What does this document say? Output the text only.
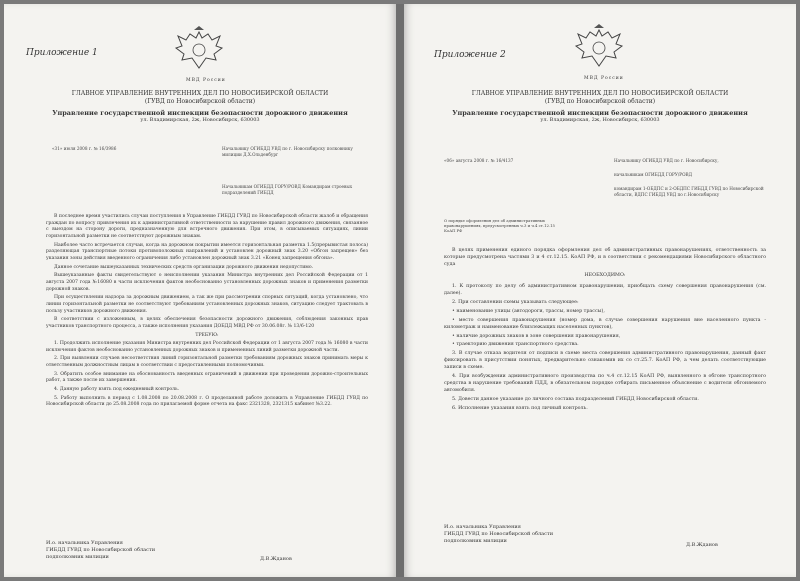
Приложение 1
МВД России
ГЛАВНОЕ УПРАВЛЕНИЕ ВНУТРЕННИХ ДЕЛ ПО НОВОСИБИРСКОЙ ОБЛАСТИ
(ГУВД по Новосибирской области)
Управление государственной инспекции безопасности дорожного движения
ул. Владимирская, 2ж, Новосибирск, 630003
«31» июля 2008 г. № 16/3986	Начальнику ОГИБДД УВД по г. Новосибирску полковнику милиции Д.Х.Ольденбург
Начальникам ОГИБДД ГОРУ/РОВД Командирам строевых подразделений ГИБДД

В последнее время участились случаи поступления в Управление ГИБДД ГУВД по Новосибирской области жалоб и обращения граждан по вопросу привлечения их к административной ответственности за нарушение правил дорожного движения, связанное с выездом на сторону дороги, предназначенную для встречного движения. При этом, в описываемых ситуациях, линии горизонтальной разметки не соответствуют дорожным знакам.

Наиболее часто встречается случаи, когда на дорожном покрытии имеется горизонтальная разметка 1.5(прерывистая полоса) разделяющая транспортные потоки противоположных направлений и установлен дорожный знак 3.20 «Обгон запрещен» без указания зоны действия введенного ограничения либо установлен дорожный знак 3.21 «Конец запрещения обгона».

Данное сочетание вышеуказанных технических средств организации дорожного движения недопустимо.

Вышеуказанные факты свидетельствуют о неисполнении указания Министра внутренних дел Российской Федерации от 1 августа 2007 года №16080 в части исключения фактов необоснованно установленных дорожных знаков и применения разметки дорожной знаков.

При осуществлении надзора за дорожным движением, а так же при рассмотрении спорных ситуаций, когда установлено, что линии горизонтальной разметки не соответствуют требованиям установленных дорожных знаков, ситуацию следует трактовать в пользу участников дорожного движения.

В соответствии с изложенным, в целях обеспечения безопасности дорожного движения, соблюдения законных прав участников транспортного процесса, а также исполнения указания ДОБДД МВД РФ от 30.06.08г. № 13/6-120

ТРЕБУЮ:

1. Продолжить исполнение указания Министра внутренних дел Российской Федерации от 1 августа 2007 года № 16080 в части исключения фактов необоснованно установленных дорожных знаков и примененных линий разметки дорожной части.

2. При выявлении случаев несоответствия линий горизонтальной разметки требованиям дорожных знаков принимать меры к ответственным должностным лицам в соответствии с предоставленными полномочиями.

3. Обратить особое внимание на обоснованность введенных ограничений в движении при проведении дорожно-строительных работ, а также после их завершения.

4. Данную работу взять под ежедневный контроль.

5. Работу выполнить в период с 1.08.2008 по 20.08.2008 г. О проделанной работе доложить в Управление ГИБДД ГУВД по Новосибирской области до 25.08.2008 года по прилагаемой форме отчета на факс 2321328, 2321315 кабинет №3.22.

И.о. начальника Управления
ГИБДД ГУВД по Новосибирской области
подполковник милиции	Д.В.Жданов
Приложение 2
МВД России
ГЛАВНОЕ УПРАВЛЕНИЕ ВНУТРЕННИХ ДЕЛ ПО НОВОСИБИРСКОЙ ОБЛАСТИ
(ГУВД по Новосибирской области)
Управление государственной инспекции безопасности дорожного движения
ул. Владимирская, 2ж, Новосибирск, 630003
«06» августа 2008 г. № 16/4137	Начальнику ОГИБДД УВД по г. Новосибирску,
начальникам ОГИБДД ГОРУ/РОВД
командирам 1-ОБДПС и 2-ОБДПС ГИБДД ГУВД по Новосибирской области, ВДПС ГИБДД УВД по г.Новосибирску
О порядке оформления дел об административных правонарушениях, предусмотренных ч.3 и ч.4 ст.12.15 КоАП РФ

В целях применения единого порядка оформления дел об административных правонарушениях, ответственность за которые предусмотрена частями 3 и 4 ст.12.15. КоАП РФ, и в соответствии с рекомендациями Новосибирского областного суда

НЕОБХОДИМО:

1. К протоколу по делу об административном правонарушении, приобщать схему совершения правонарушения (см. далее).

2. При составлении схемы указывать следующее:

• наименование улицы (автодороги, трассы, номер трассы),

• место совершения правонарушения (номер дома, в случае совершения нарушения вне населенного пункта - километраж и наименование близлежащих населенных пунктов),

• наличие дорожных знаков в зоне совершения правонарушения,

• траекторию движения транспортного средства.

3. В случае отказа водителя от подписи в схеме места совершения административного правонарушения, данный факт фиксировать в присутствии понятых, предварительно ознакомив их со ст.25.7. КоАП РФ, а чем делать соответствующие записи в схеме.

4. При возбуждении административного производства по ч.4 ст.12.15 КоАП РФ, выявленного в обгоне транспортного средства в нарушение требований ПДД, в обязательном порядке отбирать письменное объяснение с водителя обгоняемого автомобиля.

5. Довести данное указание до личного состава подразделений ГИБДД Новосибирской области.

6. Исполнение указания взять под личный контроль.

И.о. начальника Управления
ГИБДД ГУВД по Новосибирской области
подполковник милиции
Д.В.Жданов
